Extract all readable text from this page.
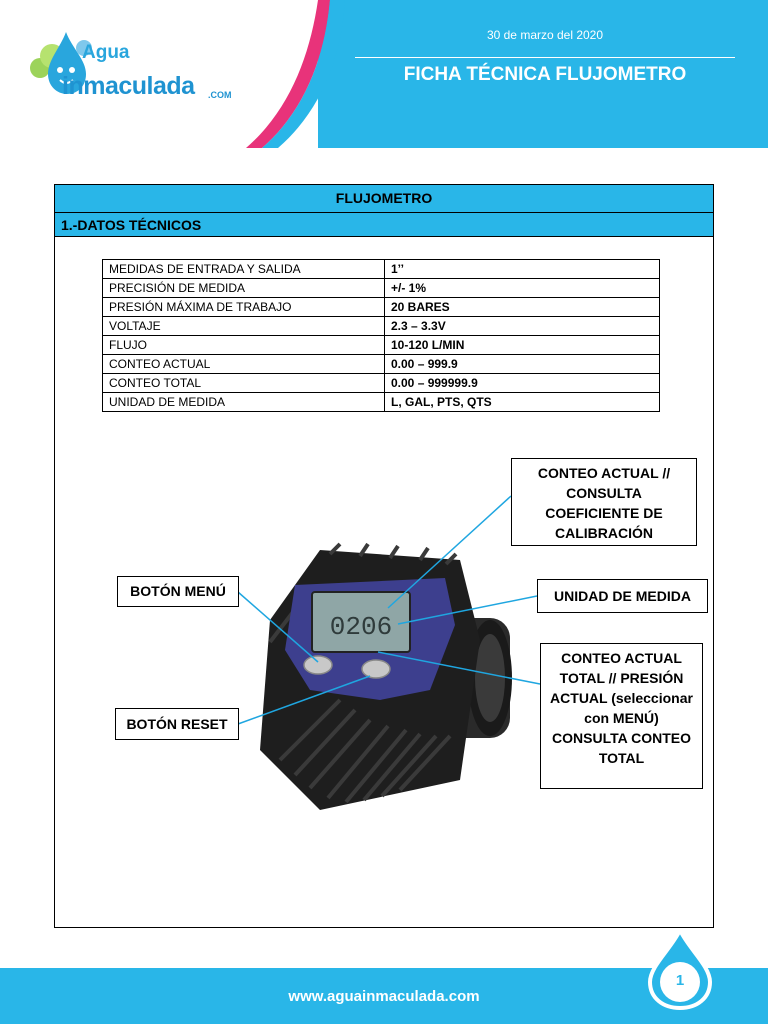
30 de marzo del 2020
FICHA TÉCNICA FLUJOMETRO
Agua
inmaculada .COM
FLUJOMETRO
1.-DATOS TÉCNICOS
MEDIDAS DE ENTRADA Y SALIDA	1’’
PRECISIÓN DE MEDIDA	+/- 1%
PRESIÓN MÁXIMA DE TRABAJO	20 BARES
VOLTAJE	2.3 – 3.3V
FLUJO	10-120 L/MIN
CONTEO ACTUAL	0.00 – 999.9
CONTEO TOTAL	0.00 – 999999.9
UNIDAD DE MEDIDA	L, GAL, PTS, QTS
0206
CONTEO ACTUAL // CONSULTA COEFICIENTE DE CALIBRACIÓN
BOTÓN MENÚ	UNIDAD DE MEDIDA
BOTÓN RESET
CONTEO ACTUAL TOTAL // PRESIÓN ACTUAL (seleccionar con MENÚ) CONSULTA CONTEO TOTAL
1
www.aguainmaculada.com
